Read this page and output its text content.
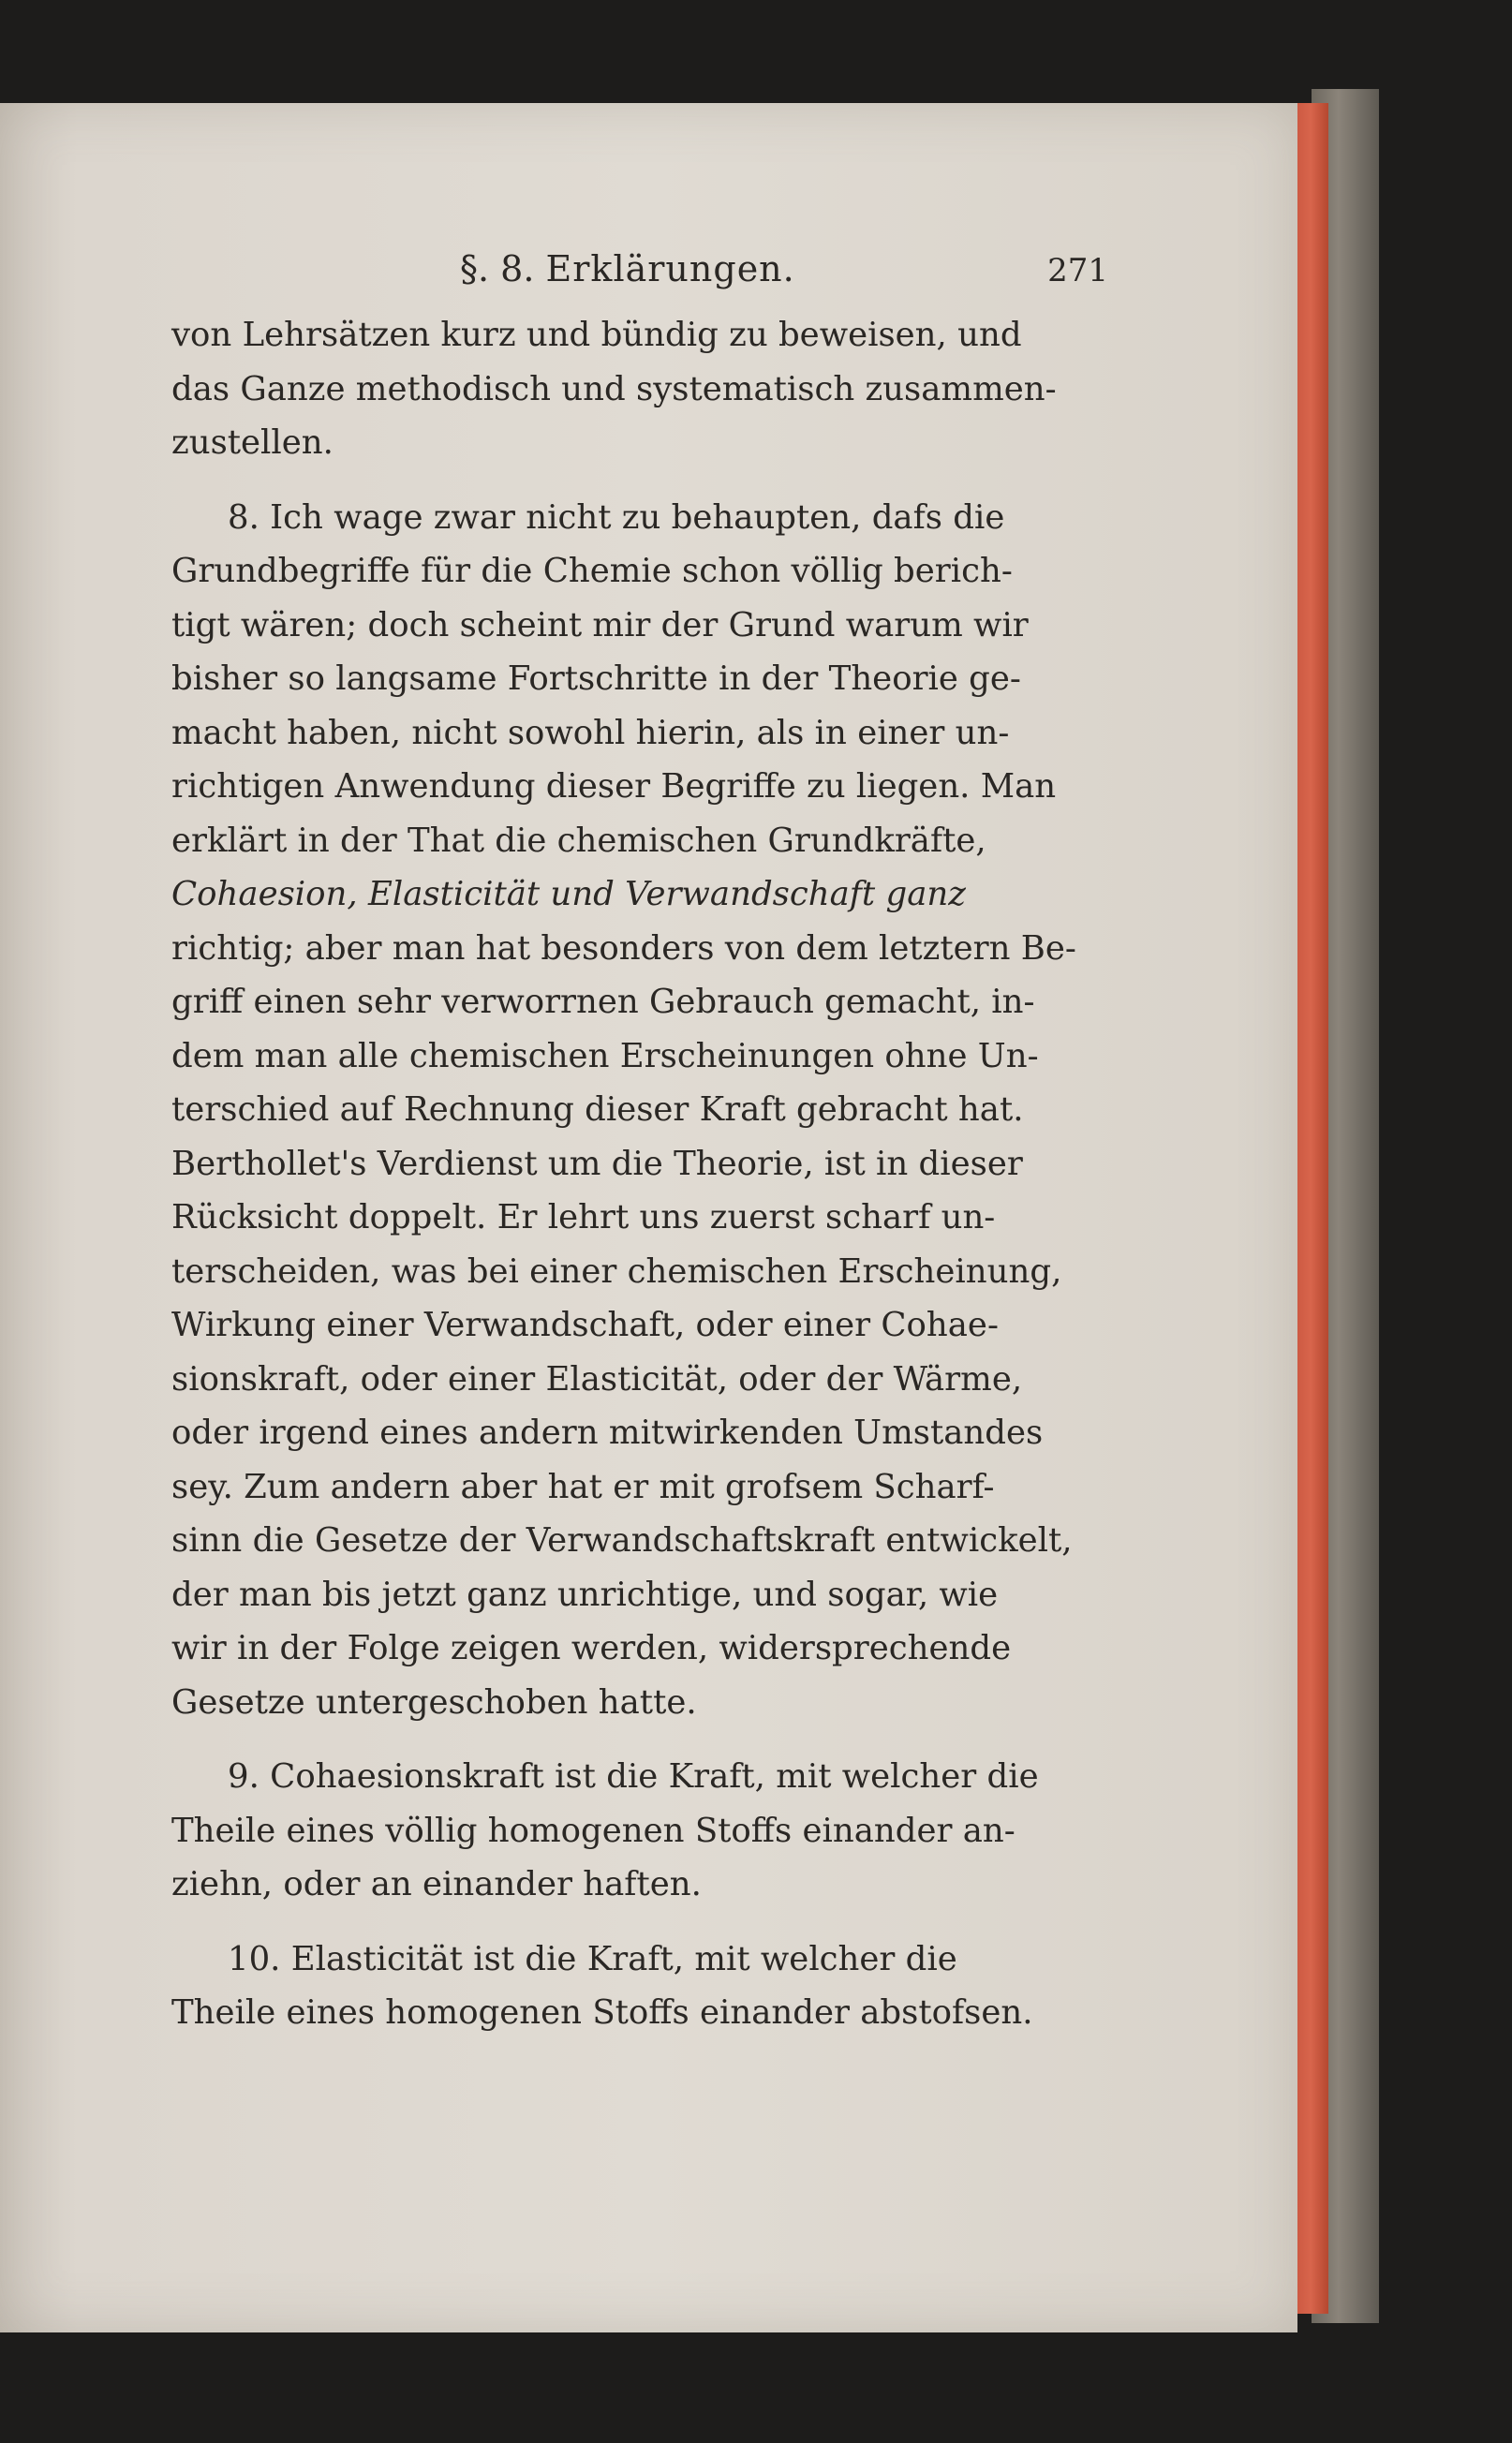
§. 8. Erklärungen.	271

von Lehrsätzen kurz und bündig zu beweisen, und
das Ganze methodisch und systematisch zusammen-
zustellen.

8. Ich wage zwar nicht zu behaupten, dafs die
Grundbegriffe für die Chemie schon völlig berich-
tigt wären; doch scheint mir der Grund warum wir
bisher so langsame Fortschritte in der Theorie ge-
macht haben, nicht sowohl hierin, als in einer un-
richtigen Anwendung dieser Begriffe zu liegen. Man
erklärt in der That die chemischen Grundkräfte,
Cohaesion, Elasticität und Verwandschaft ganz
richtig; aber man hat besonders von dem letztern Be-
griff einen sehr verworrnen Gebrauch gemacht, in-
dem man alle chemischen Erscheinungen ohne Un-
terschied auf Rechnung dieser Kraft gebracht hat.
Berthollet's Verdienst um die Theorie, ist in dieser
Rücksicht doppelt. Er lehrt uns zuerst scharf un-
terscheiden, was bei einer chemischen Erscheinung,
Wirkung einer Verwandschaft, oder einer Cohae-
sionskraft, oder einer Elasticität, oder der Wärme,
oder irgend eines andern mitwirkenden Umstandes
sey. Zum andern aber hat er mit grofsem Scharf-
sinn die Gesetze der Verwandschaftskraft entwickelt,
der man bis jetzt ganz unrichtige, und sogar, wie
wir in der Folge zeigen werden, widersprechende
Gesetze untergeschoben hatte.

9. Cohaesionskraft ist die Kraft, mit welcher die
Theile eines völlig homogenen Stoffs einander an-
ziehn, oder an einander haften.

10. Elasticität ist die Kraft, mit welcher die
Theile eines homogenen Stoffs einander abstofsen.
